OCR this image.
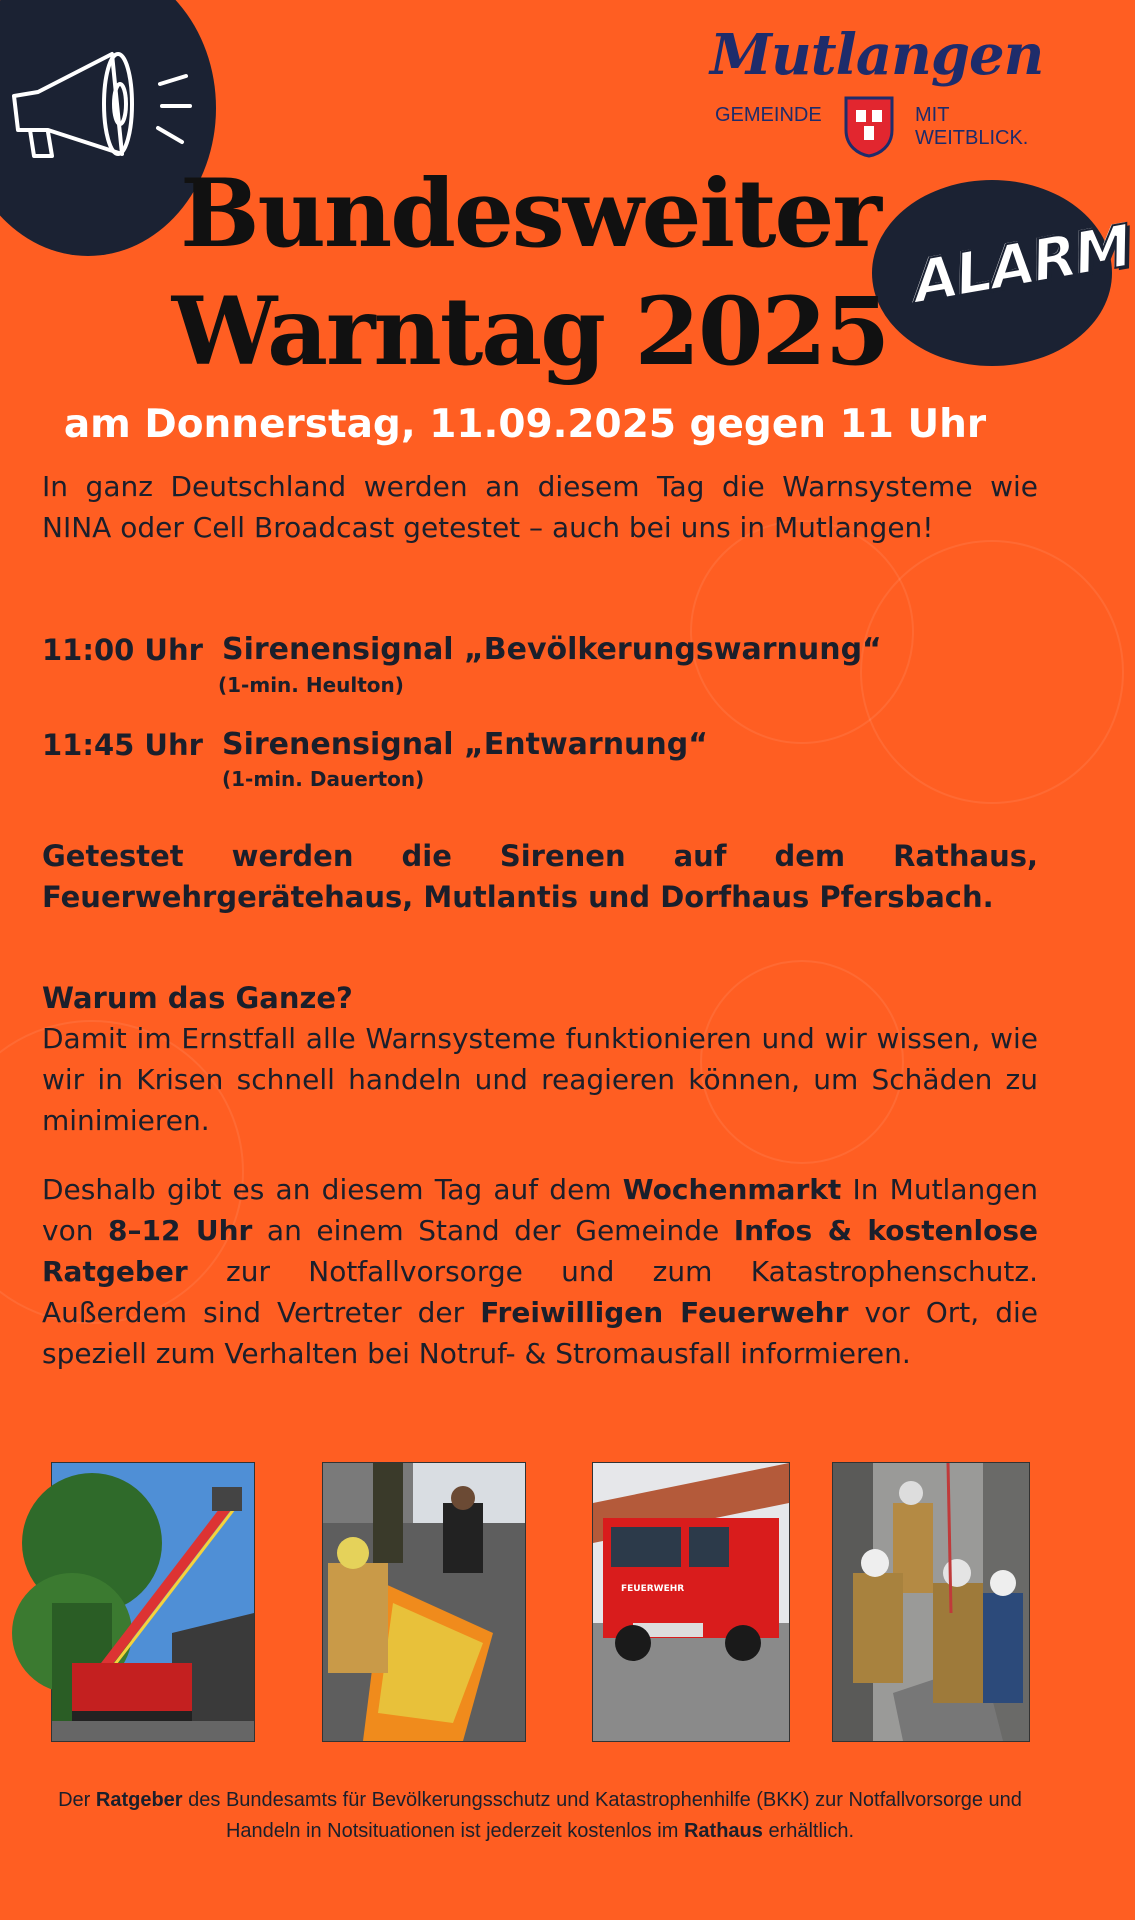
Mutlangen
GEMEINDE	MIT WEITBLICK.
ALARM
Bundesweiter
Warntag 2025
am Donnerstag, 11.09.2025 gegen 11 Uhr
In ganz Deutschland werden an diesem Tag die Warnsysteme wie NINA oder Cell Broadcast getestet – auch bei uns in Mutlangen!
11:00 Uhr Sirenensignal „Bevölkerungswarnung“
(1-min. Heulton)
11:45 Uhr Sirenensignal „Entwarnung“
(1-min. Dauerton)
Getestet werden die Sirenen auf dem Rathaus, Feuerwehrgerätehaus, Mutlantis und Dorfhaus Pfersbach.
Warum das Ganze?
Damit im Ernstfall alle Warnsysteme funktionieren und wir wissen, wie wir in Krisen schnell handeln und reagieren können, um Schäden zu minimieren.
Deshalb gibt es an diesem Tag auf dem Wochenmarkt In Mutlangen von 8–12 Uhr an einem Stand der Gemeinde Infos & kostenlose Ratgeber zur Notfallvorsorge und zum Katastrophenschutz. Außerdem sind Vertreter der Freiwilligen Feuerwehr vor Ort, die speziell zum Verhalten bei Notruf- & Stromausfall informieren.
FEUERWEHR
Der Ratgeber des Bundesamts für Bevölkerungsschutz und Katastrophenhilfe (BKK) zur Notfallvorsorge und Handeln in Notsituationen ist jederzeit kostenlos im Rathaus erhältlich.
